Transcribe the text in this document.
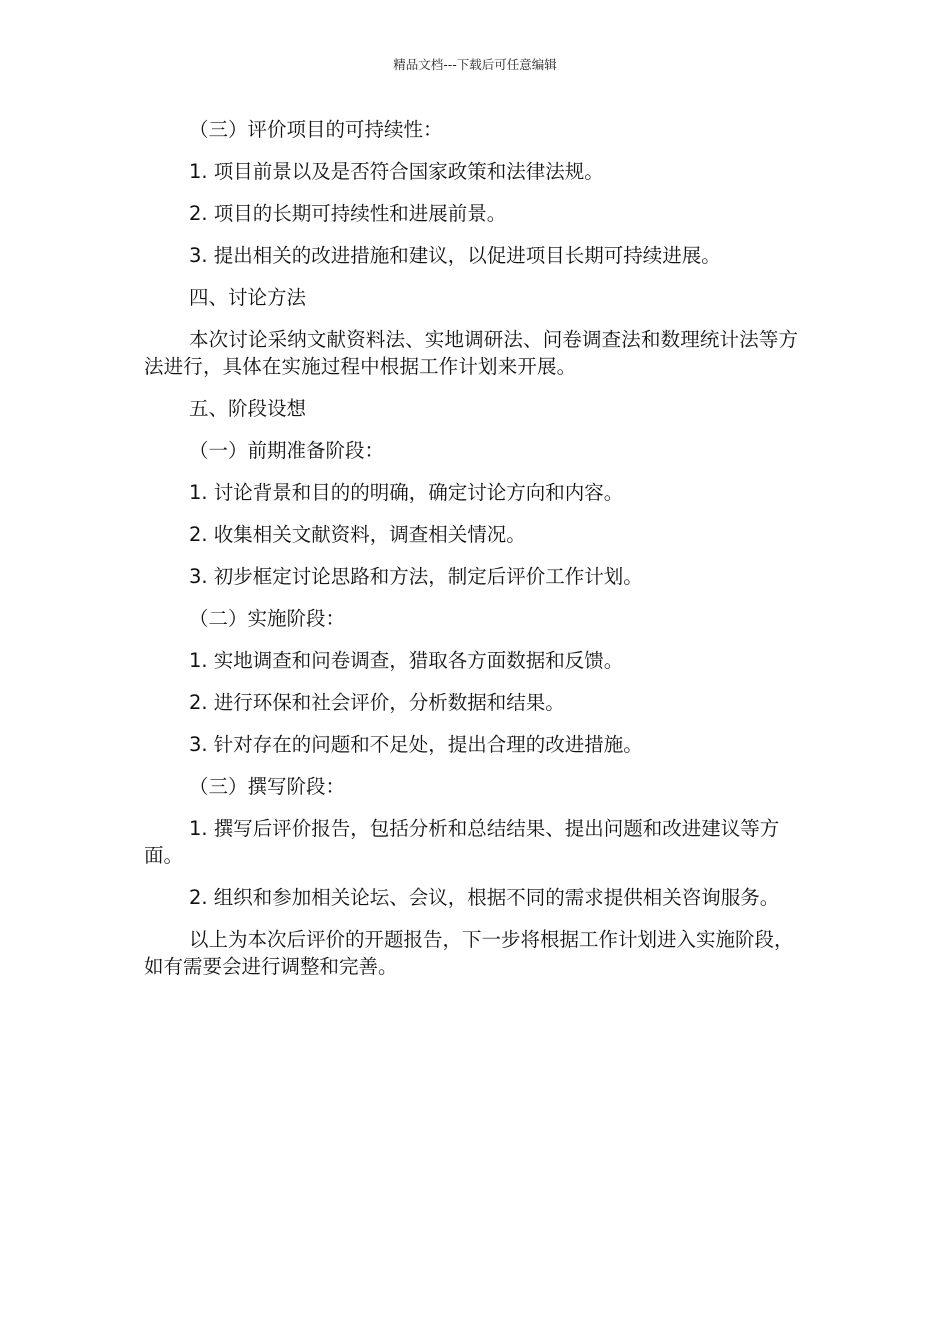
精品文档---下载后可任意编辑

（三）评价项目的可持续性：

1. 项目前景以及是否符合国家政策和法律法规。

2. 项目的长期可持续性和进展前景。

3. 提出相关的改进措施和建议，以促进项目长期可持续进展。

四、讨论方法

本次讨论采纳文献资料法、实地调研法、问卷调查法和数理统计法等方法进行，具体在实施过程中根据工作计划来开展。

五、阶段设想

（一）前期准备阶段：

1. 讨论背景和目的的明确，确定讨论方向和内容。

2. 收集相关文献资料，调查相关情况。

3. 初步框定讨论思路和方法，制定后评价工作计划。

（二）实施阶段：

1. 实地调查和问卷调查，猎取各方面数据和反馈。

2. 进行环保和社会评价，分析数据和结果。

3. 针对存在的问题和不足处，提出合理的改进措施。

（三）撰写阶段：

1. 撰写后评价报告，包括分析和总结结果、提出问题和改进建议等方面。

2. 组织和参加相关论坛、会议，根据不同的需求提供相关咨询服务。

以上为本次后评价的开题报告，下一步将根据工作计划进入实施阶段，如有需要会进行调整和完善。
